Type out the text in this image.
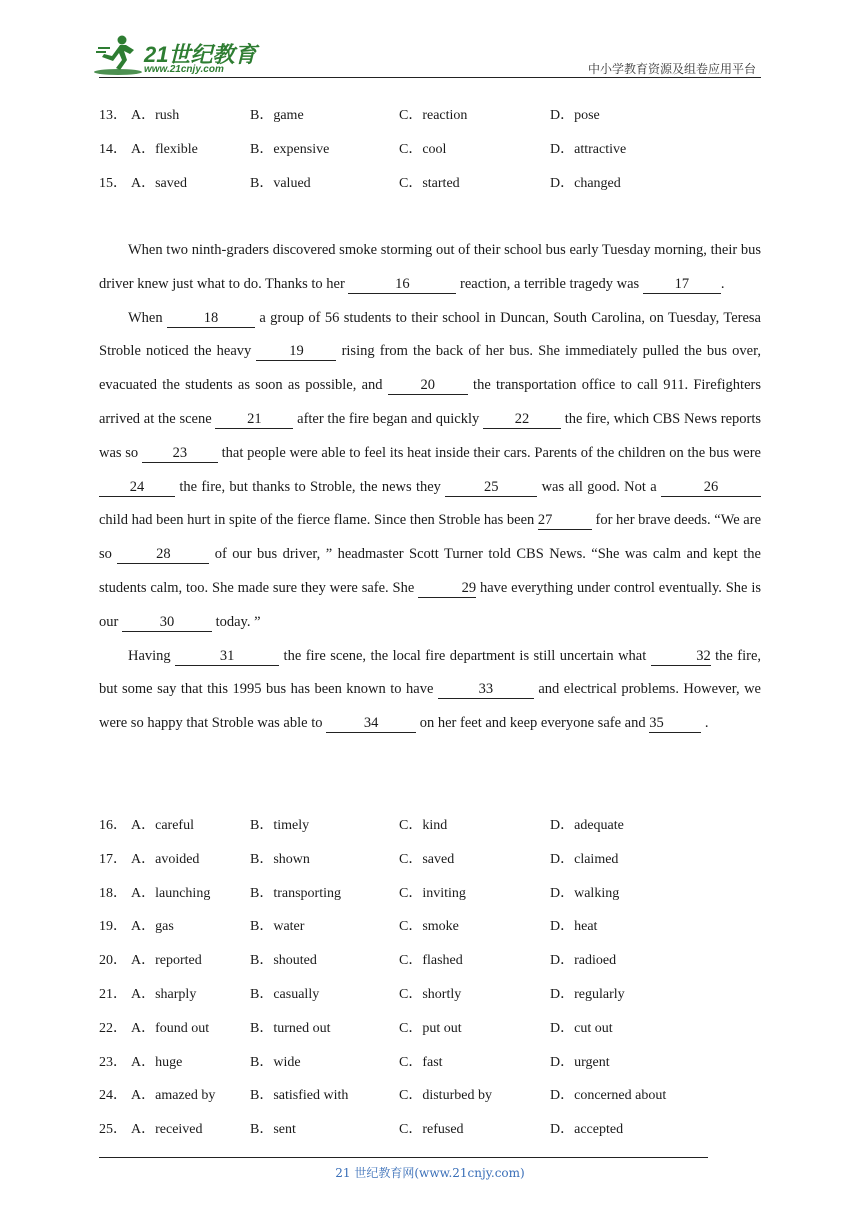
21世纪教育
www.21cnjy.com	中小学教育资源及组卷应用平台
13． A．rush	B．game	C．reaction	D．pose
14． A．flexible	B．expensive	C．cool	D．attractive
15． A．saved	B．valued	C．started	D．changed

When two ninth-graders discovered smoke storming out of their school bus early Tuesday morning, their bus driver knew just what to do. Thanks to her	16	reaction, a terrible tragedy was 17 .

When	18	a group of 56 students to their school in Duncan, South Carolina, on Tuesday, Teresa Stroble noticed the heavy 19 rising from the back of her bus. She immediately pulled the bus over, evacuated the students as soon as possible, and 20 the transportation office to call 911. Firefighters arrived at the scene 21 after the fire began and quickly 22 the fire, which CBS News reports was so 23 that people were able to feel its heat inside their cars. Parents of the children on the bus were 24 the fire, but thanks to Stroble, the news they	25	was all good. Not a	26 child had been hurt in spite of the fierce flame. Since then Stroble has been 27	for her brave deeds. “We are so	28	of our bus driver, ” headmaster Scott Turner told CBS News. “She was calm and kept the students calm, too. She made sure they were safe. She	29 have everything under control eventually. She is our	30	today. ”

Having	31	the fire scene, the local fire department is still uncertain what	32 the fire, but some say that this 1995 bus has been known to have	33	and electrical problems. However, we were so happy that Stroble was able to	34	on her feet and keep everyone safe and 35	.

16． A．careful	B．timely	C．kind	D．adequate
17． A．avoided	B．shown	C．saved	D．claimed
18． A．launching	B．transporting	C．inviting	D．walking
19． A．gas	B．water	C．smoke	D．heat
20． A．reported	B．shouted	C．flashed	D．radioed
21． A．sharply	B．casually	C．shortly	D．regularly
22． A．found out	B．turned out	C．put out	D．cut out
23． A．huge	B．wide	C．fast	D．urgent
24． A．amazed by B．satisfied with	C．disturbed by	D．concerned about
25． A．received	B．sent	C．refused	D．accepted
21 世纪教育网(www.21cnjy.com)
